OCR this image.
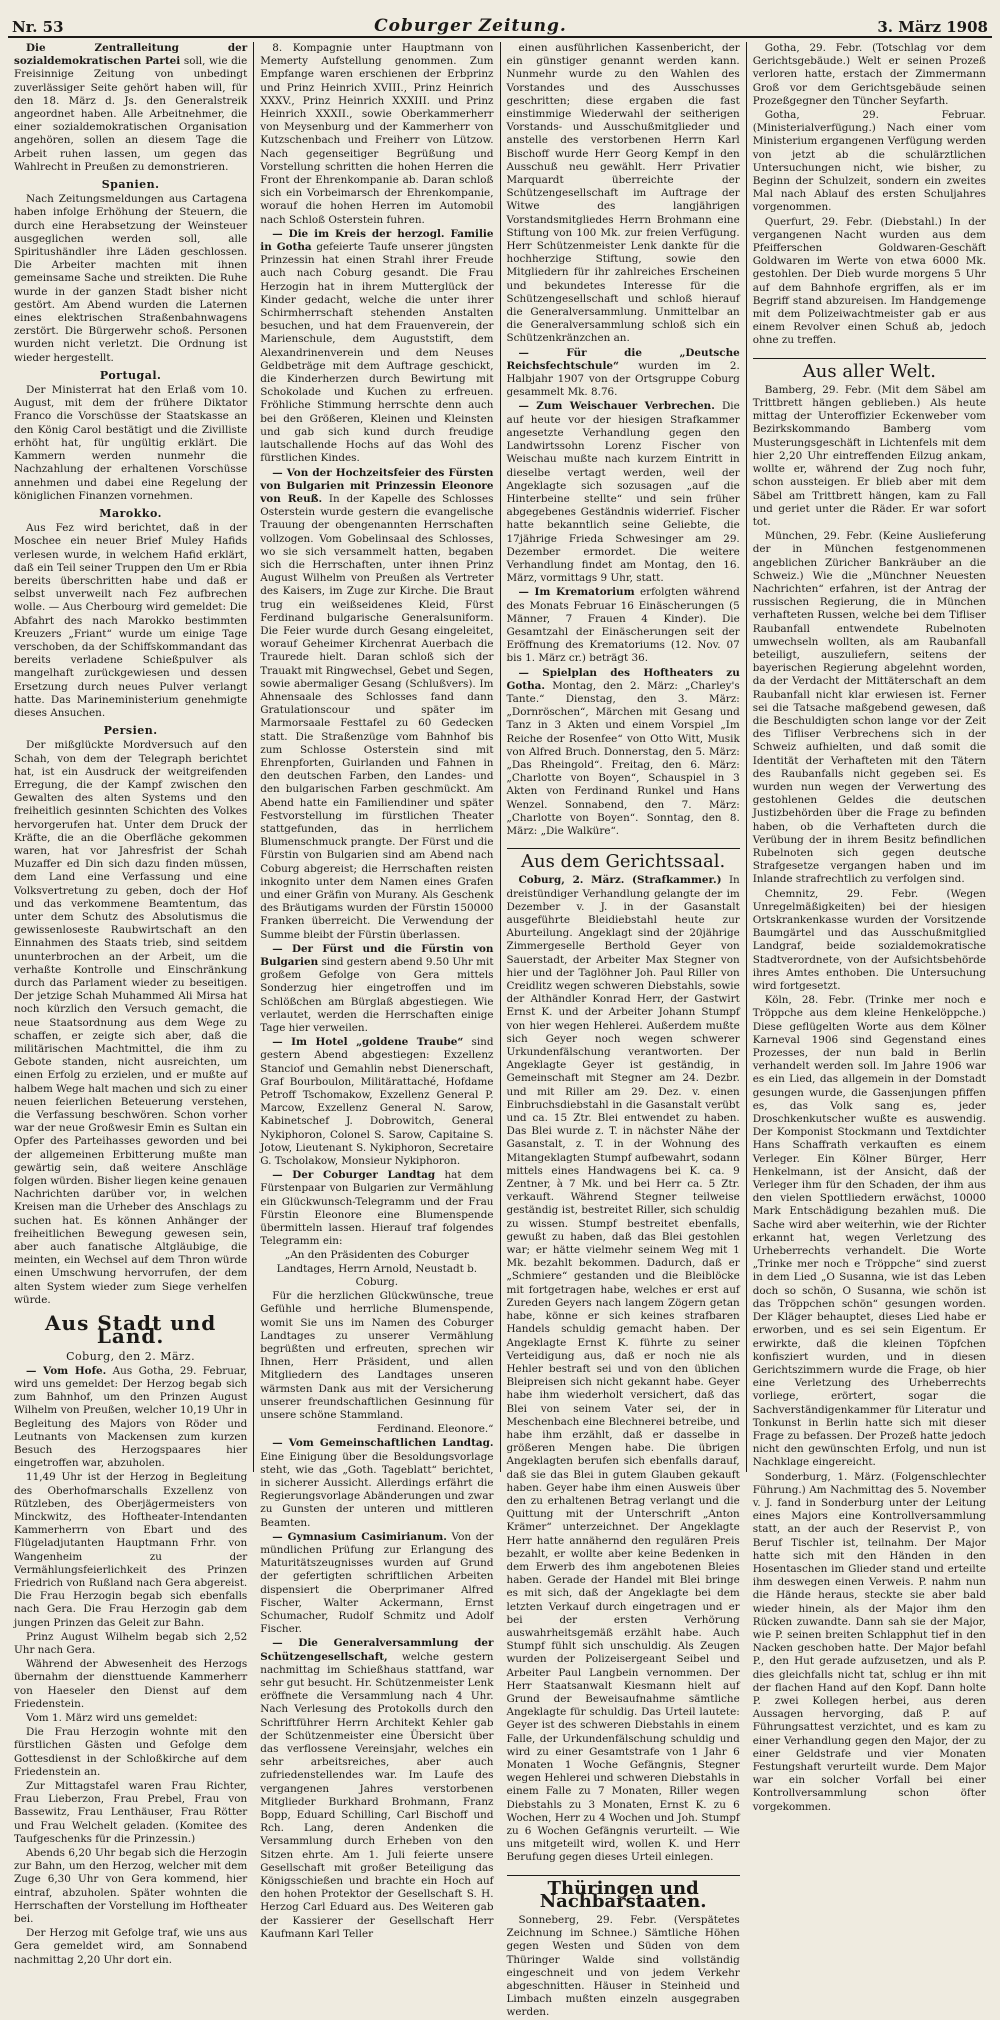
Nr. 53	Coburger Zeitung.	3. März 1908

Die Zentralleitung der sozialdemokratischen Partei soll, wie die Freisinnige Zeitung von unbedingt zuverlässiger Seite gehört haben will, für den 18. März d. Js. den Generalstreik angeordnet haben. Alle Arbeitnehmer, die einer sozialdemokratischen Organisation angehören, sollen an diesem Tage die Arbeit ruhen lassen, um gegen das Wahlrecht in Preußen zu demonstrieren.

Spanien.

Nach Zeitungsmeldungen aus Cartagena haben infolge Erhöhung der Steuern, die durch eine Herabsetzung der Weinsteuer ausgeglichen werden soll, alle Spiritushändler ihre Läden geschlossen. Die Arbeiter machten mit ihnen gemeinsame Sache und streikten. Die Ruhe wurde in der ganzen Stadt bisher nicht gestört. Am Abend wurden die Laternen eines elektrischen Straßenbahnwagens zerstört. Die Bürgerwehr schoß. Personen wurden nicht verletzt. Die Ordnung ist wieder hergestellt.

Portugal.

Der Ministerrat hat den Erlaß vom 10. August, mit dem der frühere Diktator Franco die Vorschüsse der Staatskasse an den König Carol bestätigt und die Zivilliste erhöht hat, für ungültig erklärt. Die Kammern werden nunmehr die Nachzahlung der erhaltenen Vorschüsse annehmen und dabei eine Regelung der königlichen Finanzen vornehmen.

Marokko.

Aus Fez wird berichtet, daß in der Moschee ein neuer Brief Muley Hafids verlesen wurde, in welchem Hafid erklärt, daß ein Teil seiner Truppen den Um er Rbia bereits überschritten habe und daß er selbst unverweilt nach Fez aufbrechen wolle. — Aus Cherbourg wird gemeldet: Die Abfahrt des nach Marokko bestimmten Kreuzers „Friant“ wurde um einige Tage verschoben, da der Schiffskommandant das bereits verladene Schießpulver als mangelhaft zurückgewiesen und dessen Ersetzung durch neues Pulver verlangt hatte. Das Marineministerium genehmigte dieses Ansuchen.

Persien.

Der mißglückte Mordversuch auf den Schah, von dem der Telegraph berichtet hat, ist ein Ausdruck der weitgreifenden Erregung, die der Kampf zwischen den Gewalten des alten Systems und den freiheitlich gesinnten Schichten des Volkes hervorgerufen hat. Unter dem Druck der Kräfte, die an die Oberfläche gekommen waren, hat vor Jahresfrist der Schah Muzaffer ed Din sich dazu finden müssen, dem Land eine Verfassung und eine Volksvertretung zu geben, doch der Hof und das verkommene Beamtentum, das unter dem Schutz des Absolutismus die gewissenloseste Raubwirtschaft an den Einnahmen des Staats trieb, sind seitdem ununterbrochen an der Arbeit, um die verhaßte Kontrolle und Einschränkung durch das Parlament wieder zu beseitigen. Der jetzige Schah Muhammed Ali Mirsa hat noch kürzlich den Versuch gemacht, die neue Staatsordnung aus dem Wege zu schaffen, er zeigte sich aber, daß die militärischen Machtmittel, die ihm zu Gebote standen, nicht ausreichten, um einen Erfolg zu erzielen, und er mußte auf halbem Wege halt machen und sich zu einer neuen feierlichen Beteuerung verstehen, die Verfassung beschwören. Schon vorher war der neue Großwesir Emin es Sultan ein Opfer des Parteihasses geworden und bei der allgemeinen Erbitterung mußte man gewärtig sein, daß weitere Anschläge folgen würden. Bisher liegen keine genauen Nachrichten darüber vor, in welchen Kreisen man die Urheber des Anschlags zu suchen hat. Es können Anhänger der freiheitlichen Bewegung gewesen sein, aber auch fanatische Altgläubige, die meinten, ein Wechsel auf dem Thron würde einen Umschwung hervorrufen, der dem alten System wieder zum Siege verhelfen würde.

Aus Stadt und Land.
Coburg, den 2. März.

— Vom Hofe. Aus Gotha, 29. Februar, wird uns gemeldet: Der Herzog begab sich zum Bahnhof, um den Prinzen August Wilhelm von Preußen, welcher 10,19 Uhr in Begleitung des Majors von Röder und Leutnants von Mackensen zum kurzen Besuch des Herzogspaares hier eingetroffen war, abzuholen.

11,49 Uhr ist der Herzog in Begleitung des Oberhofmarschalls Exzellenz von Rützleben, des Oberjägermeisters von Minckwitz, des Hoftheater-Intendanten Kammerherrn von Ebart und des Flügeladjutanten Hauptmann Frhr. von Wangenheim zu der Vermählungsfeierlichkeit des Prinzen Friedrich von Rußland nach Gera abgereist. Die Frau Herzogin begab sich ebenfalls nach Gera. Die Frau Herzogin gab dem jungen Prinzen das Geleit zur Bahn.

Prinz August Wilhelm begab sich 2,52 Uhr nach Gera.

Während der Abwesenheit des Herzogs übernahm der diensttuende Kammerherr von Haeseler den Dienst auf dem Friedenstein.

Vom 1. März wird uns gemeldet:

Die Frau Herzogin wohnte mit den fürstlichen Gästen und Gefolge dem Gottesdienst in der Schloßkirche auf dem Friedenstein an.

Zur Mittagstafel waren Frau Richter, Frau Lieberzon, Frau Prebel, Frau von Bassewitz, Frau Lenthäuser, Frau Rötter und Frau Welchelt geladen. (Komitee des Taufgeschenks für die Prinzessin.)

Abends 6,20 Uhr begab sich die Herzogin zur Bahn, um den Herzog, welcher mit dem Zuge 6,30 Uhr von Gera kommend, hier eintraf, abzuholen. Später wohnten die Herrschaften der Vorstellung im Hoftheater bei.

Der Herzog mit Gefolge traf, wie uns aus Gera gemeldet wird, am Sonnabend nachmittag 2,20 Uhr dort ein.

8. Kompagnie unter Hauptmann von Memerty Aufstellung genommen. Zum Empfange waren erschienen der Erbprinz und Prinz Heinrich XVIII., Prinz Heinrich XXXV., Prinz Heinrich XXXIII. und Prinz Heinrich XXXII., sowie Oberkammerherr von Meysenburg und der Kammerherr von Kutzschenbach und Freiherr von Lützow. Nach gegenseitiger Begrüßung und Vorstellung schritten die hohen Herren die Front der Ehrenkompanie ab. Daran schloß sich ein Vorbeimarsch der Ehrenkompanie, worauf die hohen Herren im Automobil nach Schloß Osterstein fuhren.

— Die im Kreis der herzogl. Familie in Gotha gefeierte Taufe unserer jüngsten Prinzessin hat einen Strahl ihrer Freude auch nach Coburg gesandt. Die Frau Herzogin hat in ihrem Mutterglück der Kinder gedacht, welche die unter ihrer Schirmherrschaft stehenden Anstalten besuchen, und hat dem Frauenverein, der Marienschule, dem Auguststift, dem Alexandrinenverein und dem Neuses Geldbeträge mit dem Auftrage geschickt, die Kinderherzen durch Bewirtung mit Schokolade und Kuchen zu erfreuen. Fröhliche Stimmung herrschte denn auch bei den Größeren, Kleinen und Kleinsten und gab sich kund durch freudige lautschallende Hochs auf das Wohl des fürstlichen Kindes.

— Von der Hochzeitsfeier des Fürsten von Bulgarien mit Prinzessin Eleonore von Reuß. In der Kapelle des Schlosses Osterstein wurde gestern die evangelische Trauung der obengenannten Herrschaften vollzogen. Vom Gobelinsaal des Schlosses, wo sie sich versammelt hatten, begaben sich die Herrschaften, unter ihnen Prinz August Wilhelm von Preußen als Vertreter des Kaisers, im Zuge zur Kirche. Die Braut trug ein weißseidenes Kleid, Fürst Ferdinand bulgarische Generalsuniform. Die Feier wurde durch Gesang eingeleitet, worauf Geheimer Kirchenrat Auerbach die Traurede hielt. Daran schloß sich der Trauakt mit Ringwechsel, Gebet und Segen, sowie abermaliger Gesang (Schlußvers). Im Ahnensaale des Schlosses fand dann Gratulationscour und später im Marmorsaale Festtafel zu 60 Gedecken statt. Die Straßenzüge vom Bahnhof bis zum Schlosse Osterstein sind mit Ehrenpforten, Guirlanden und Fahnen in den deutschen Farben, den Landes- und den bulgarischen Farben geschmückt. Am Abend hatte ein Familiendiner und später Festvorstellung im fürstlichen Theater stattgefunden, das in herrlichem Blumenschmuck prangte. Der Fürst und die Fürstin von Bulgarien sind am Abend nach Coburg abgereist; die Herrschaften reisten inkognito unter dem Namen eines Grafen und einer Gräfin von Murany. Als Geschenk des Bräutigams wurden der Fürstin 150000 Franken überreicht. Die Verwendung der Summe bleibt der Fürstin überlassen.

— Der Fürst und die Fürstin von Bulgarien sind gestern abend 9.50 Uhr mit großem Gefolge von Gera mittels Sonderzug hier eingetroffen und im Schlößchen am Bürglaß abgestiegen. Wie verlautet, werden die Herrschaften einige Tage hier verweilen.

— Im Hotel „goldene Traube“ sind gestern Abend abgestiegen: Exzellenz Stanciof und Gemahlin nebst Dienerschaft, Graf Bourboulon, Militärattaché, Hofdame Petroff Tschomakow, Exzellenz General P. Marcow, Exzellenz General N. Sarow, Kabinetschef J. Dobrowitch, General Nykiphoron, Colonel S. Sarow, Capitaine S. Jotow, Lieutenant S. Nykiphoron, Secretaire G. Tscholakow, Monsieur Nykiphoron.

— Der Coburger Landtag hat dem Fürstenpaar von Bulgarien zur Vermählung ein Glückwunsch-Telegramm und der Frau Fürstin Eleonore eine Blumenspende übermitteln lassen. Hierauf traf folgendes Telegramm ein:

„An den Präsidenten des Coburger Landtages, Herrn Arnold, Neustadt b. Coburg.

Für die herzlichen Glückwünsche, treue Gefühle und herrliche Blumenspende, womit Sie uns im Namen des Coburger Landtages zu unserer Vermählung begrüßten und erfreuten, sprechen wir Ihnen, Herr Präsident, und allen Mitgliedern des Landtages unseren wärmsten Dank aus mit der Versicherung unserer freundschaftlichen Gesinnung für unsere schöne Stammland.

Ferdinand. Eleonore.“

— Vom Gemeinschaftlichen Landtag. Eine Einigung über die Besoldungsvorlage steht, wie das „Goth. Tageblatt“ berichtet, in sicherer Aussicht. Allerdings erfährt die Regierungsvorlage Abänderungen und zwar zu Gunsten der unteren und mittleren Beamten.

— Gymnasium Casimirianum. Von der mündlichen Prüfung zur Erlangung des Maturitätszeugnisses wurden auf Grund der gefertigten schriftlichen Arbeiten dispensiert die Oberprimaner Alfred Fischer, Walter Ackermann, Ernst Schumacher, Rudolf Schmitz und Adolf Fischer.

— Die Generalversammlung der Schützengesellschaft, welche gestern nachmittag im Schießhaus stattfand, war sehr gut besucht. Hr. Schützenmeister Lenk eröffnete die Versammlung nach 4 Uhr. Nach Verlesung des Protokolls durch den Schriftführer Herrn Architekt Kehler gab der Schützenmeister eine Übersicht über das verflossene Vereinsjahr, welches ein sehr arbeitsreiches, aber auch zufriedenstellendes war. Im Laufe des vergangenen Jahres verstorbenen Mitglieder Burkhard Brohmann, Franz Bopp, Eduard Schilling, Carl Bischoff und Rch. Lang, deren Andenken die Versammlung durch Erheben von den Sitzen ehrte. Am 1. Juli feierte unsere Gesellschaft mit großer Beteiligung das Königsschießen und brachte ein Hoch auf den hohen Protektor der Gesellschaft S. H. Herzog Carl Eduard aus. Des Weiteren gab der Kassierer der Gesellschaft Herr Kaufmann Karl Teller

einen ausführlichen Kassenbericht, der ein günstiger genannt werden kann. Nunmehr wurde zu den Wahlen des Vorstandes und des Ausschusses geschritten; diese ergaben die fast einstimmige Wiederwahl der seitherigen Vorstands- und Ausschußmitglieder und anstelle des verstorbenen Herrn Karl Bischoff wurde Herr Georg Kempf in den Ausschuß neu gewählt. Herr Privatier Marquardt überreichte der Schützengesellschaft im Auftrage der Witwe des langjährigen Vorstandsmitgliedes Herrn Brohmann eine Stiftung von 100 Mk. zur freien Verfügung. Herr Schützenmeister Lenk dankte für die hochherzige Stiftung, sowie den Mitgliedern für ihr zahlreiches Erscheinen und bekundetes Interesse für die Schützengesellschaft und schloß hierauf die Generalversammlung. Unmittelbar an die Generalversammlung schloß sich ein Schützenkränzchen an.

— Für die „Deutsche Reichsfechtschule“ wurden im 2. Halbjahr 1907 von der Ortsgruppe Coburg gesammelt Mk. 8.76.

— Zum Weischauer Verbrechen. Die auf heute vor der hiesigen Strafkammer angesetzte Verhandlung gegen den Landwirtssohn Lorenz Fischer von Weischau mußte nach kurzem Eintritt in dieselbe vertagt werden, weil der Angeklagte sich sozusagen „auf die Hinterbeine stellte“ und sein früher abgegebenes Geständnis widerrief. Fischer hatte bekanntlich seine Geliebte, die 17jährige Frieda Schwesinger am 29. Dezember ermordet. Die weitere Verhandlung findet am Montag, den 16. März, vormittags 9 Uhr, statt.

— Im Krematorium erfolgten während des Monats Februar 16 Einäscherungen (5 Männer, 7 Frauen 4 Kinder). Die Gesamtzahl der Einäscherungen seit der Eröffnung des Krematoriums (12. Nov. 07 bis 1. März cr.) beträgt 36.

— Spielplan des Hoftheaters zu Gotha. Montag, den 2. März: „Charley's Tante.“ Dienstag, den 3. März: „Dornröschen“, Märchen mit Gesang und Tanz in 3 Akten und einem Vorspiel „Im Reiche der Rosenfee“ von Otto Witt, Musik von Alfred Bruch. Donnerstag, den 5. März: „Das Rheingold“. Freitag, den 6. März: „Charlotte von Boyen“, Schauspiel in 3 Akten von Ferdinand Runkel und Hans Wenzel. Sonnabend, den 7. März: „Charlotte von Boyen“. Sonntag, den 8. März: „Die Walküre“.

Aus dem Gerichtssaal.

Coburg, 2. März. (Strafkammer.) In dreistündiger Verhandlung gelangte der im Dezember v. J. in der Gasanstalt ausgeführte Bleidiebstahl heute zur Aburteilung. Angeklagt sind der 20jährige Zimmergeselle Berthold Geyer von Sauerstadt, der Arbeiter Max Stegner von hier und der Taglöhner Joh. Paul Riller von Creidlitz wegen schweren Diebstahls, sowie der Althändler Konrad Herr, der Gastwirt Ernst K. und der Arbeiter Johann Stumpf von hier wegen Hehlerei. Außerdem mußte sich Geyer noch wegen schwerer Urkundenfälschung verantworten. Der Angeklagte Geyer ist geständig, in Gemeinschaft mit Stegner am 24. Dezbr. und mit Riller am 29. Dez. v. einen Einbruchsdiebstahl in die Gasanstalt verübt und ca. 15 Ztr. Blei entwendet zu haben. Das Blei wurde z. T. in nächster Nähe der Gasanstalt, z. T. in der Wohnung des Mitangeklagten Stumpf aufbewahrt, sodann mittels eines Handwagens bei K. ca. 9 Zentner, à 7 Mk. und bei Herr ca. 5 Ztr. verkauft. Während Stegner teilweise geständig ist, bestreitet Riller, sich schuldig zu wissen. Stumpf bestreitet ebenfalls, gewußt zu haben, daß das Blei gestohlen war; er hätte vielmehr seinem Weg mit 1 Mk. bezahlt bekommen. Dadurch, daß er „Schmiere“ gestanden und die Bleiblöcke mit fortgetragen habe, welches er erst auf Zureden Geyers nach langem Zögern getan habe, könne er sich keines strafbaren Handels schuldig gemacht haben. Der Angeklagte Ernst K. führte zu seiner Verteidigung aus, daß er noch nie als Hehler bestraft sei und von den üblichen Bleipreisen sich nicht gekannt habe. Geyer habe ihm wiederholt versichert, daß das Blei von seinem Vater sei, der in Meschenbach eine Blechnerei betreibe, und habe ihm erzählt, daß er dasselbe in größeren Mengen habe. Die übrigen Angeklagten berufen sich ebenfalls darauf, daß sie das Blei in gutem Glauben gekauft haben. Geyer habe ihm einen Ausweis über den zu erhaltenen Betrag verlangt und die Quittung mit der Unterschrift „Anton Krämer“ unterzeichnet. Der Angeklagte Herr hatte annähernd den regulären Preis bezahlt, er wollte aber keine Bedenken in dem Erwerb des ihm angebotenen Bleies haben. Gerade der Handel mit Blei bringe es mit sich, daß der Angeklagte bei dem letzten Verkauf durch eingetragen und er bei der ersten Verhörung auswahrheitsgemäß erzählt habe. Auch Stumpf fühlt sich unschuldig. Als Zeugen wurden der Polizeisergeant Seibel und Arbeiter Paul Langbein vernommen. Der Herr Staatsanwalt Kiesmann hielt auf Grund der Beweisaufnahme sämtliche Angeklagte für schuldig. Das Urteil lautete: Geyer ist des schweren Diebstahls in einem Falle, der Urkundenfälschung schuldig und wird zu einer Gesamtstrafe von 1 Jahr 6 Monaten 1 Woche Gefängnis, Stegner wegen Hehlerei und schweren Diebstahls in einem Falle zu 7 Monaten, Riller wegen Diebstahls zu 3 Monaten, Ernst K. zu 6 Wochen, Herr zu 4 Wochen und Joh. Stumpf zu 6 Wochen Gefängnis verurteilt. — Wie uns mitgeteilt wird, wollen K. und Herr Berufung gegen dieses Urteil einlegen.

Thüringen und Nachbarstaaten.

Sonneberg, 29. Febr. (Verspätetes Zeichnung im Schnee.) Sämtliche Höhen gegen Westen und Süden von dem Thüringer Walde sind vollständig eingeschneit und von jedem Verkehr abgeschnitten. Häuser in Steinheid und Limbach mußten einzeln ausgegraben werden.

Gotha, 29. Febr. (Totschlag vor dem Gerichtsgebäude.) Welt er seinen Prozeß verloren hatte, erstach der Zimmermann Groß vor dem Gerichtsgebäude seinen Prozeßgegner den Tüncher Seyfarth.

Gotha, 29. Februar. (Ministerialverfügung.) Nach einer vom Ministerium ergangenen Verfügung werden von jetzt ab die schulärztlichen Untersuchungen nicht, wie bisher, zu Beginn der Schulzeit, sondern ein zweites Mal nach Ablauf des ersten Schuljahres vorgenommen.

Querfurt, 29. Febr. (Diebstahl.) In der vergangenen Nacht wurden aus dem Pfeifferschen Goldwaren-Geschäft Goldwaren im Werte von etwa 6000 Mk. gestohlen. Der Dieb wurde morgens 5 Uhr auf dem Bahnhofe ergriffen, als er im Begriff stand abzureisen. Im Handgemenge mit dem Polizeiwachtmeister gab er aus einem Revolver einen Schuß ab, jedoch ohne zu treffen.

Aus aller Welt.

Bamberg, 29. Febr. (Mit dem Säbel am Trittbrett hängen geblieben.) Als heute mittag der Unteroffizier Eckenweber vom Bezirkskommando Bamberg vom Musterungsgeschäft in Lichtenfels mit dem hier 2,20 Uhr eintreffenden Eilzug ankam, wollte er, während der Zug noch fuhr, schon aussteigen. Er blieb aber mit dem Säbel am Trittbrett hängen, kam zu Fall und geriet unter die Räder. Er war sofort tot.

München, 29. Febr. (Keine Auslieferung der in München festgenommenen angeblichen Züricher Bankräuber an die Schweiz.) Wie die „Münchner Neuesten Nachrichten“ erfahren, ist der Antrag der russischen Regierung, die in München verhafteten Russen, welche bei dem Tifliser Raubanfall entwendete Rubelnoten umwechseln wollten, als am Raubanfall beteiligt, auszuliefern, seitens der bayerischen Regierung abgelehnt worden, da der Verdacht der Mittäterschaft an dem Raubanfall nicht klar erwiesen ist. Ferner sei die Tatsache maßgebend gewesen, daß die Beschuldigten schon lange vor der Zeit des Tifliser Verbrechens sich in der Schweiz aufhielten, und daß somit die Identität der Verhafteten mit den Tätern des Raubanfalls nicht gegeben sei. Es wurden nun wegen der Verwertung des gestohlenen Geldes die deutschen Justizbehörden über die Frage zu befinden haben, ob die Verhafteten durch die Verübung der in ihrem Besitz befindlichen Rubelnoten sich gegen deutsche Strafgesetze vergangen haben und im Inlande strafrechtlich zu verfolgen sind.

Chemnitz, 29. Febr. (Wegen Unregelmäßigkeiten) bei der hiesigen Ortskrankenkasse wurden der Vorsitzende Baumgärtel und das Ausschußmitglied Landgraf, beide sozialdemokratische Stadtverordnete, von der Aufsichtsbehörde ihres Amtes enthoben. Die Untersuchung wird fortgesetzt.

Köln, 28. Febr. (Trinke mer noch e Tröppche aus dem kleine Henkelöppche.) Diese geflügelten Worte aus dem Kölner Karneval 1906 sind Gegenstand eines Prozesses, der nun bald in Berlin verhandelt werden soll. Im Jahre 1906 war es ein Lied, das allgemein in der Domstadt gesungen wurde, die Gassenjungen pfiffen es, das Volk sang es, jeder Droschkenkutscher wußte es auswendig. Der Komponist Stockmann und Textdichter Hans Schaffrath verkauften es einem Verleger. Ein Kölner Bürger, Herr Henkelmann, ist der Ansicht, daß der Verleger ihm für den Schaden, der ihm aus den vielen Spottliedern erwächst, 10000 Mark Entschädigung bezahlen muß. Die Sache wird aber weiterhin, wie der Richter erkannt hat, wegen Verletzung des Urheberrechts verhandelt. Die Worte „Trinke mer noch e Tröppche“ sind zuerst in dem Lied „O Susanna, wie ist das Leben doch so schön, O Susanna, wie schön ist das Tröppchen schön“ gesungen worden. Der Kläger behauptet, dieses Lied habe er erworben, und es sei sein Eigentum. Er erwirkte, daß die kleinen Töpfchen konfisziert wurden, und in diesen Gerichtszimmern wurde die Frage, ob hier eine Verletzung des Urheberrechts vorliege, erörtert, sogar die Sachverständigenkammer für Literatur und Tonkunst in Berlin hatte sich mit dieser Frage zu befassen. Der Prozeß hatte jedoch nicht den gewünschten Erfolg, und nun ist Nachklage eingereicht.

Sonderburg, 1. März. (Folgenschlechter Führung.) Am Nachmittag des 5. November v. J. fand in Sonderburg unter der Leitung eines Majors eine Kontrollversammlung statt, an der auch der Reservist P., von Beruf Tischler ist, teilnahm. Der Major hatte sich mit den Händen in den Hosentaschen im Glieder stand und erteilte ihm deswegen einen Verweis. P. nahm nun die Hände heraus, steckte sie aber bald wieder hinein, als der Major ihm den Rücken zuwandte. Dann sah sie der Major, wie P. seinen breiten Schlapphut tief in den Nacken geschoben hatte. Der Major befahl P., den Hut gerade aufzusetzen, und als P. dies gleichfalls nicht tat, schlug er ihn mit der flachen Hand auf den Kopf. Dann holte P. zwei Kollegen herbei, aus deren Aussagen hervorging, daß P. auf Führungsattest verzichtet, und es kam zu einer Verhandlung gegen den Major, der zu einer Geldstrafe und vier Monaten Festungshaft verurteilt wurde. Dem Major war ein solcher Vorfall bei einer Kontrollversammlung schon öfter vorgekommen.
